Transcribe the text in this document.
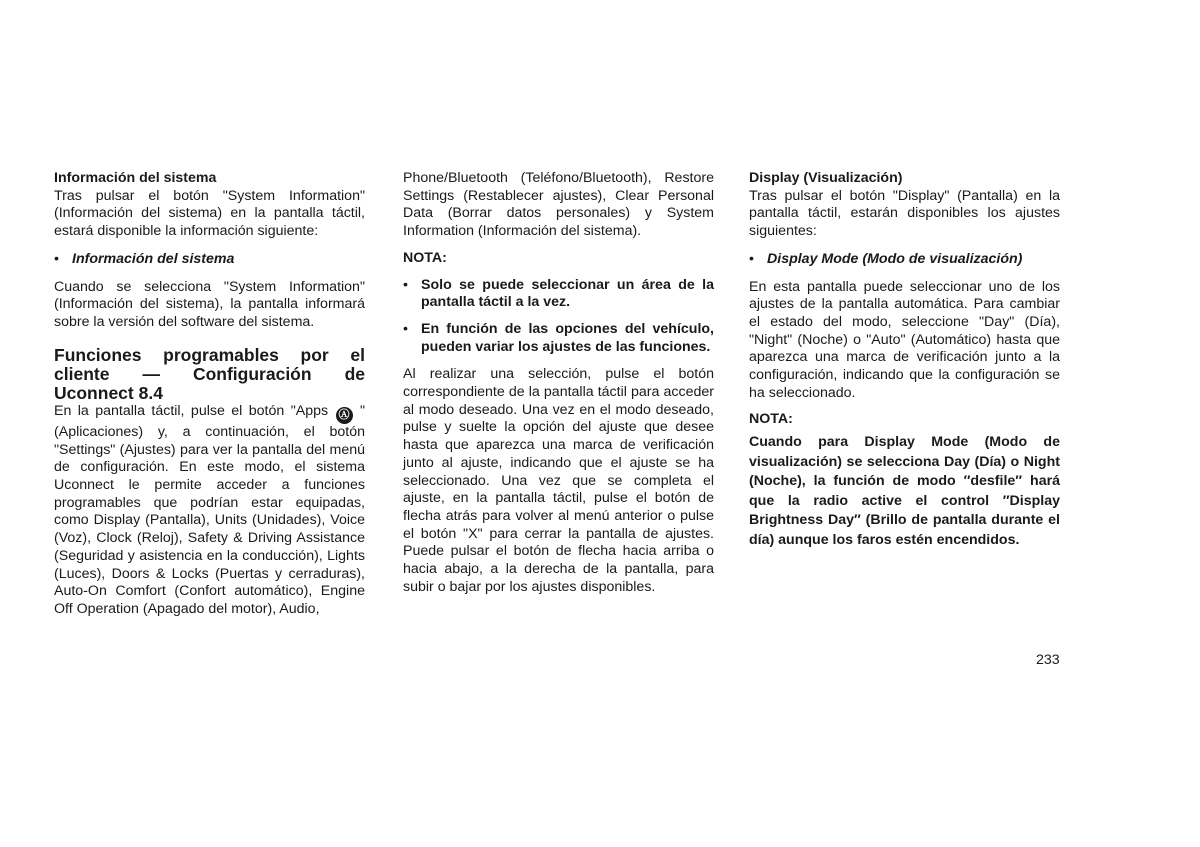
Información del sistema

Tras pulsar el botón "System Information" (Información del sistema) en la pantalla táctil, estará disponible la información siguiente:

• Información del sistema

Cuando se selecciona "System Information" (Información del sistema), la pantalla informará sobre la versión del software del sistema.

Funciones programables por el cliente — Configuración de Uconnect 8.4

En la pantalla táctil, pulse el botón "Apps Ⓐ " (Aplicaciones) y, a continuación, el botón "Settings" (Ajustes) para ver la pantalla del menú de configuración. En este modo, el sistema Uconnect le permite acceder a funciones programables que podrían estar equipadas, como Display (Pantalla), Units (Unidades), Voice (Voz), Clock (Reloj), Safety & Driving Assistance (Seguridad y asistencia en la conducción), Lights (Luces), Doors & Locks (Puertas y cerraduras), Auto-On Comfort (Confort automático), Engine Off Operation (Apagado del motor), Audio,

Phone/Bluetooth (Teléfono/Bluetooth), Restore Settings (Restablecer ajustes), Clear Personal Data (Borrar datos personales) y System Information (Información del sistema).

NOTA:

• Solo se puede seleccionar un área de la pantalla táctil a la vez.
• En función de las opciones del vehículo, pueden variar los ajustes de las funciones.

Al realizar una selección, pulse el botón correspondiente de la pantalla táctil para acceder al modo deseado. Una vez en el modo deseado, pulse y suelte la opción del ajuste que desee hasta que aparezca una marca de verificación junto al ajuste, indicando que el ajuste se ha seleccionado. Una vez que se completa el ajuste, en la pantalla táctil, pulse el botón de flecha atrás para volver al menú anterior o pulse el botón "X" para cerrar la pantalla de ajustes. Puede pulsar el botón de flecha hacia arriba o hacia abajo, a la derecha de la pantalla, para subir o bajar por los ajustes disponibles.

Display (Visualización)

Tras pulsar el botón "Display" (Pantalla) en la pantalla táctil, estarán disponibles los ajustes siguientes:

• Display Mode (Modo de visualización)

En esta pantalla puede seleccionar uno de los ajustes de la pantalla automática. Para cambiar el estado del modo, seleccione "Day" (Día), "Night" (Noche) o "Auto" (Automático) hasta que aparezca una marca de verificación junto a la configuración, indicando que la configuración se ha seleccionado.

NOTA:

Cuando para Display Mode (Modo de visualización) se selecciona Day (Día) o Night (Noche), la función de modo ″desfile″ hará que la radio active el control ″Display Brightness Day″ (Brillo de pantalla durante el día) aunque los faros estén encendidos.

233
